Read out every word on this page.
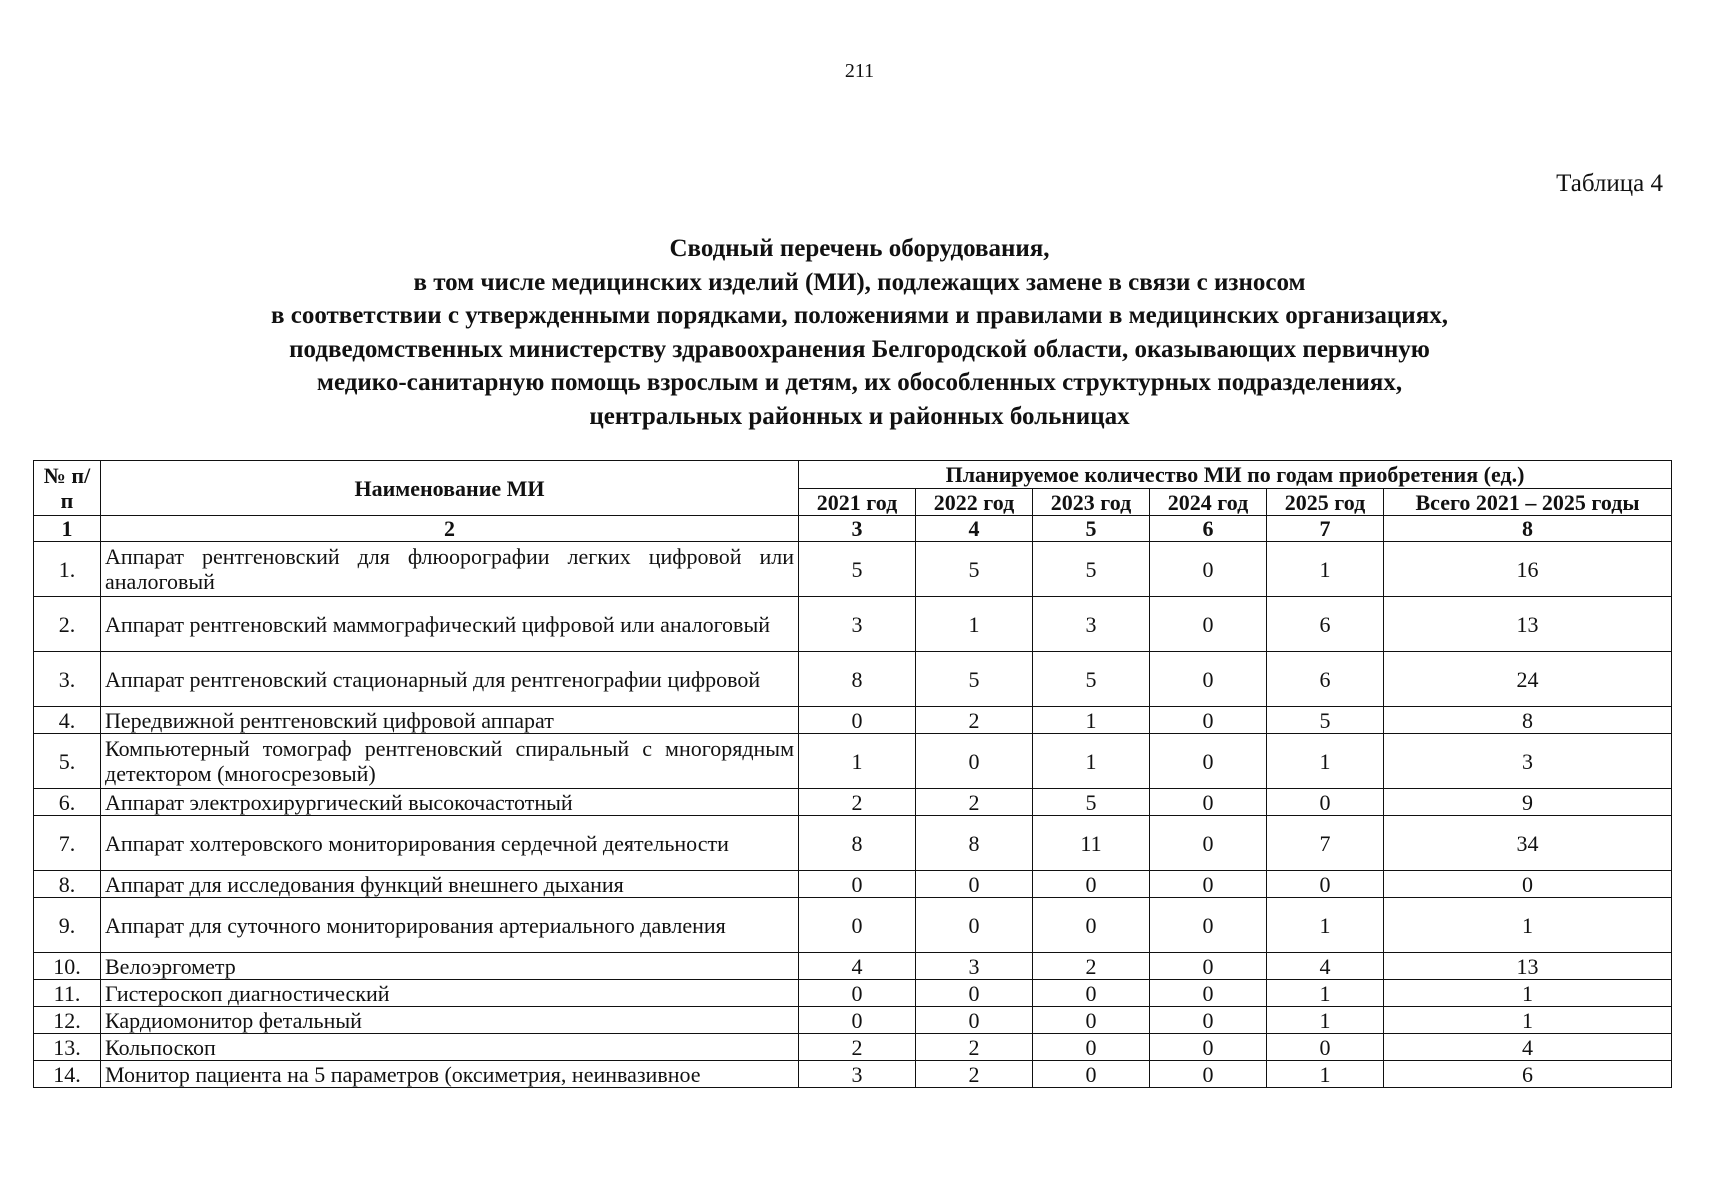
211
Таблица 4
Сводный перечень оборудования,
в том числе медицинских изделий (МИ), подлежащих замене в связи с износом
в соответствии с утвержденными порядками, положениями и правилами в медицинских организациях,
подведомственных министерству здравоохранения Белгородской области, оказывающих первичную
медико-санитарную помощь взрослым и детям, их обособленных структурных подразделениях,
центральных районных и районных больницах
№ п/п	Наименование МИ	Планируемое количество МИ по годам приобретения (ед.)					
		2021 год	2022 год	2023 год	2024 год	2025 год	Всего 2021 – 2025 годы
1	2	3	4	5	6	7	8
1.	Аппарат рентгеновский для флюорографии легких цифровой или аналоговый	5	5	5	0	1	16
2.	Аппарат рентгеновский маммографический цифровой или аналоговый	3	1	3	0	6	13
3.	Аппарат рентгеновский стационарный для рентгенографии цифровой	8	5	5	0	6	24
4.	Передвижной рентгеновский цифровой аппарат	0	2	1	0	5	8
5.	Компьютерный томограф рентгеновский спиральный с многорядным детектором (многосрезовый)	1	0	1	0	1	3
6.	Аппарат электрохирургический высокочастотный	2	2	5	0	0	9
7.	Аппарат холтеровского мониторирования сердечной деятельности	8	8	11	0	7	34
8.	Аппарат для исследования функций внешнего дыхания	0	0	0	0	0	0
9.	Аппарат для суточного мониторирования артериального давления	0	0	0	0	1	1
10.	Велоэргометр	4	3	2	0	4	13
11.	Гистероскоп диагностический	0	0	0	0	1	1
12.	Кардиомонитор фетальный	0	0	0	0	1	1
13.	Кольпоскоп	2	2	0	0	0	4
14.	Монитор пациента на 5 параметров (оксиметрия, неинвазивное	3	2	0	0	1	6
